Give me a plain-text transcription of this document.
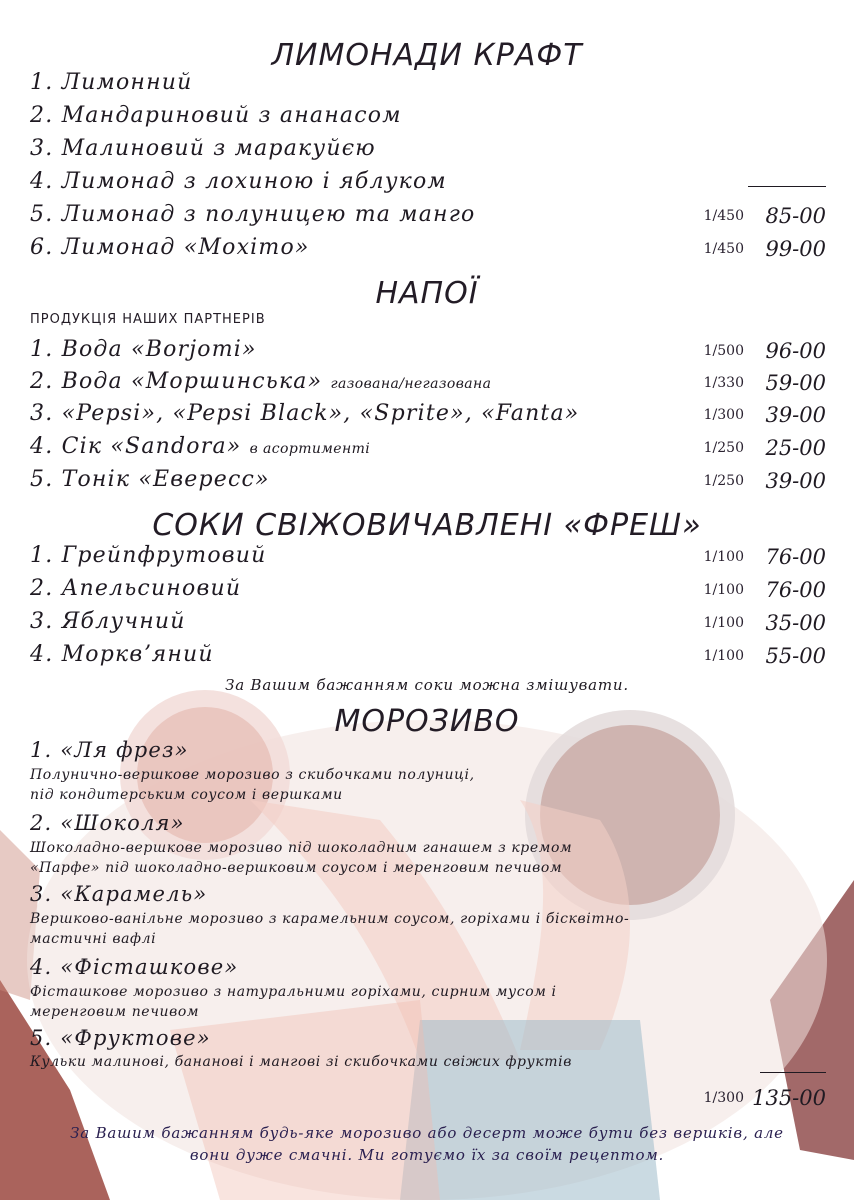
ЛИМОНАДИ КРАФТ
1. Лимонний
2. Мандариновий з ананасом
3. Малиновий з маракуйєю
4. Лимонад з лохиною і яблуком
5. Лимонад з полуницею та манго	1/450 85-00
6. Лимонад «Мохіто»	1/450 99-00
НАПОЇ
ПРОДУКЦІЯ НАШИХ ПАРТНЕРІВ
1. Вода «Borjomi»	1/500 96-00
2. Вода «Моршинська» газована/негазована	1/330 59-00
3. «Pepsi», «Pepsi Black», «Sprite», «Fanta»	1/300 39-00
4. Сік «Sandora» в асортименті	1/250 25-00
5. Тонік «Евересс»	1/250 39-00
СОКИ СВІЖОВИЧАВЛЕНІ «ФРЕШ»
1. Грейпфрутовий	1/100 76-00
2. Апельсиновий	1/100 76-00
3. Яблучний	1/100 35-00
4. Морквʼяний	1/100 55-00
За Вашим бажанням соки можна змішувати.
МОРОЗИВО
1. «Ля фрез»
Полунично-вершкове морозиво з скибочками полуниці,
під кондитерським соусом і вершками
2. «Шоколя»
Шоколадно-вершкове морозиво під шоколадним ганашем з кремом
«Парфе» під шоколадно-вершковим соусом і меренговим печивом
3. «Карамель»
Вершково-ванільне морозиво з карамельним соусом, горіхами і бісквітно-
мастичні вафлі
4. «Фісташкове»
Фісташкове морозиво з натуральними горіхами, сирним мусом і
меренговим печивом
5. «Фруктове»
Кульки малинові, бананові і мангові зі скибочками свіжих фруктів
1/300 135-00
За Вашим бажанням будь-яке морозиво або десерт може бути без вершків, але
вони дуже смачні. Ми готуємо їх за своїм рецептом.
